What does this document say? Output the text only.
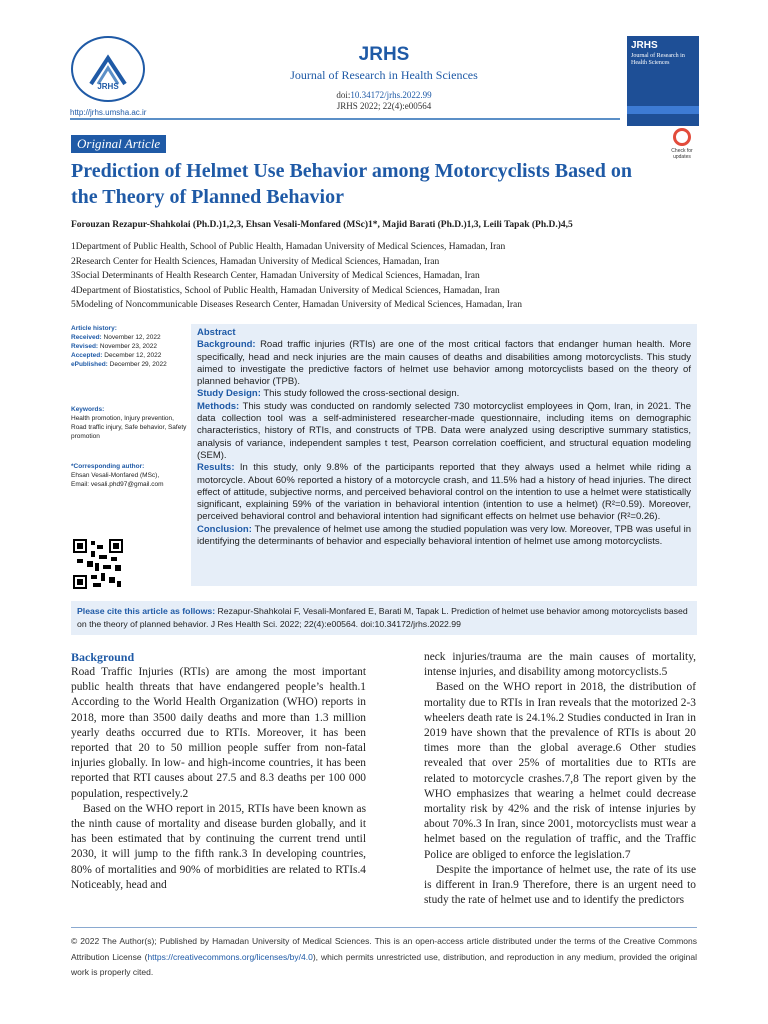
JRHS
http://jrhs.umsha.ac.ir
JRHS
Journal of Research in Health Sciences
doi:10.34172/jrhs.2022.99
JRHS 2022; 22(4):e00564
JRHS
Journal of Research in Health Sciences
Original Article	Check for updates
Prediction of Helmet Use Behavior among Motorcyclists Based on the Theory of Planned Behavior
Forouzan Rezapur-Shahkolai (Ph.D.)1,2,3, Ehsan Vesali-Monfared (MSc)1*, Majid Barati (Ph.D.)1,3, Leili Tapak (Ph.D.)4,5
1Department of Public Health, School of Public Health, Hamadan University of Medical Sciences, Hamadan, Iran
2Research Center for Health Sciences, Hamadan University of Medical Sciences, Hamadan, Iran
3Social Determinants of Health Research Center, Hamadan University of Medical Sciences, Hamadan, Iran
4Department of Biostatistics, School of Public Health, Hamadan University of Medical Sciences, Hamadan, Iran
5Modeling of Noncommunicable Diseases Research Center, Hamadan University of Medical Sciences, Hamadan, Iran
Article history:
Received: November 12, 2022
Revised: November 23, 2022
Accepted: December 12, 2022
ePublished: December 29, 2022
Keywords:
Health promotion, Injury prevention, Road traffic injury, Safe behavior, Safety promotion
*Corresponding author:
Ehsan Vesali-Monfared (MSc),
Email: vesali.phd97@gmail.com

Abstract

Background: Road traffic injuries (RTIs) are one of the most critical factors that endanger human health. More specifically, head and neck injuries are the main causes of deaths and disabilities among motorcyclists. This study aimed to investigate the predictive factors of helmet use behavior among motorcyclists based on the theory of planned behavior (TPB).

Study Design: This study followed the cross-sectional design.

Methods: This study was conducted on randomly selected 730 motorcyclist employees in Qom, Iran, in 2021. The data collection tool was a self-administered researcher-made questionnaire, including items on demographic characteristics, history of RTIs, and constructs of TPB. Data were analyzed using descriptive summary statistics, analysis of variance, independent samples t test, Pearson correlation coefficient, and structural equation modeling (SEM).

Results: In this study, only 9.8% of the participants reported that they always used a helmet while riding a motorcycle. About 60% reported a history of a motorcycle crash, and 11.5% had a history of head injuries. The direct effect of attitude, subjective norms, and perceived behavioral control on the intention to use a helmet were statistically significant, explaining 59% of the variation in behavioral intention (intention to use a helmet) (R²=0.59). Moreover, perceived behavioral control and behavioral intention had significant effects on helmet use behavior (R²=0.26).

Conclusion: The prevalence of helmet use among the studied population was very low. Moreover, TPB was useful in identifying the determinants of behavior and especially behavioral intention of helmet use among motorcyclists.

Please cite this article as follows: Rezapur-Shahkolai F, Vesali-Monfared E, Barati M, Tapak L. Prediction of helmet use behavior among motorcyclists based on the theory of planned behavior. J Res Health Sci. 2022; 22(4):e00564. doi:10.34172/jrhs.2022.99
Background

Road Traffic Injuries (RTIs) are among the most important public health threats that have endangered people’s health.1 According to the World Health Organization (WHO) reports in 2018, more than 3500 daily deaths and more than 1.3 million yearly deaths occurred due to RTIs. Moreover, it has been reported that 20 to 50 million people suffer from non-fatal injuries globally. In low- and high-income countries, it has been reported that RTI causes about 27.5 and 8.3 deaths per 100 000 population, respectively.2

Based on the WHO report in 2015, RTIs have been known as the ninth cause of mortality and disease burden globally, and it has been estimated that by continuing the current trend until 2030, it will jump to the fifth rank.3 In developing countries, 80% of mortalities and 90% of morbidities are related to RTIs.4 Noticeably, head and

neck injuries/trauma are the main causes of mortality, intense injuries, and disability among motorcyclists.5

Based on the WHO report in 2018, the distribution of mortality due to RTIs in Iran reveals that the motorized 2-3 wheelers death rate is 24.1%.2 Studies conducted in Iran in 2019 have shown that the prevalence of RTIs is about 20 times more than the global average.6 Other studies revealed that over 25% of mortalities due to RTIs are related to motorcycle crashes.7,8 The report given by the WHO emphasizes that wearing a helmet could decrease mortality risk by 42% and the risk of intense injuries by about 70%.3 In Iran, since 2001, motorcyclists must wear a helmet based on the regulation of traffic, and the Traffic Police are obliged to enforce the legislation.7

Despite the importance of helmet use, the rate of its use is different in Iran.9 Therefore, there is an urgent need to study the rate of helmet use and to identify the predictors

© 2022 The Author(s); Published by Hamadan University of Medical Sciences. This is an open-access article distributed under the terms of the Creative Commons Attribution License (https://creativecommons.org/licenses/by/4.0), which permits unrestricted use, distribution, and reproduction in any medium, provided the original work is properly cited.
